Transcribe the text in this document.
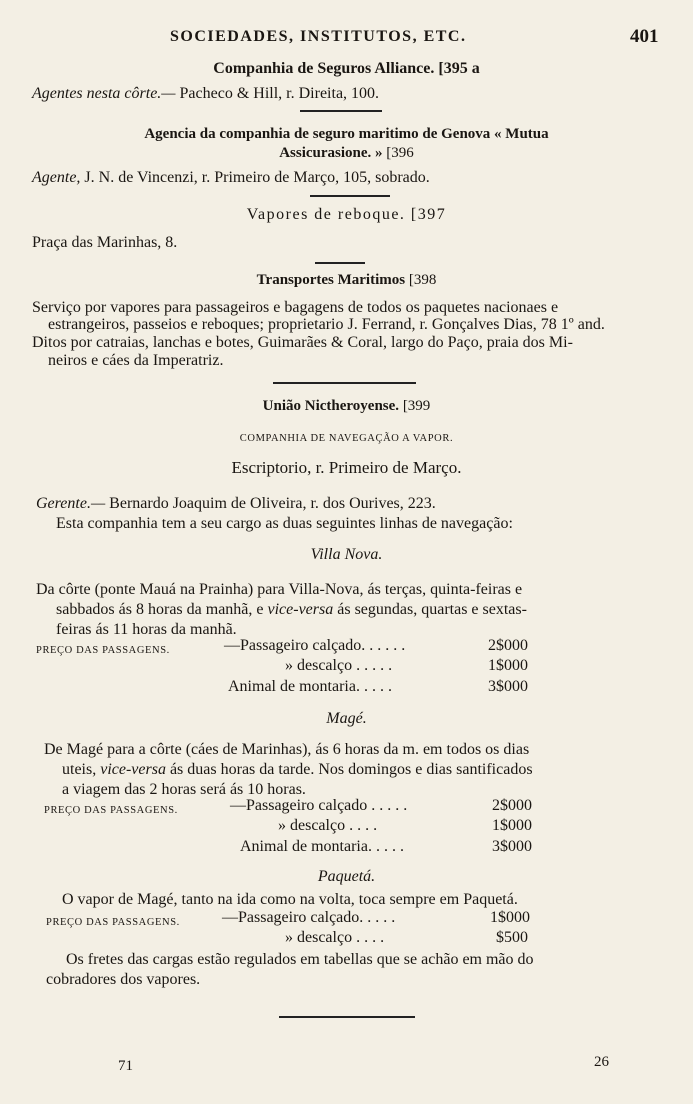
SOCIEDADES, INSTITUTOS, ETC.	401
Companhia de Seguros Alliance. [395 a

Agentes nesta côrte.— Pacheco & Hill, r. Direita, 100.

Agencia da companhia de seguro maritimo de Genova « Mutua
Assicurasione. » [396

Agente, J. N. de Vincenzi, r. Primeiro de Março, 105, sobrado.

Vapores de reboque. [397

Praça das Marinhas, 8.

Transportes Maritimos [398

Serviço por vapores para passageiros e bagagens de todos os paquetes nacionaes e

estrangeiros, passeios e reboques; proprietario J. Ferrand, r. Gonçalves Dias, 78 1º and.

Ditos por catraias, lanchas e botes, Guimarães & Coral, largo do Paço, praia dos Mi-

neiros e cáes da Imperatriz.

União Nictheroyense. [399
COMPANHIA DE NAVEGAÇÃO A VAPOR.
Escriptorio, r. Primeiro de Março.

Gerente.— Bernardo Joaquim de Oliveira, r. dos Ourives, 223.

Esta companhia tem a seu cargo as duas seguintes linhas de navegação:

Villa Nova.

Da côrte (ponte Mauá na Prainha) para Villa-Nova, ás terças, quinta-feiras e

sabbados ás 8 horas da manhã, e vice-versa ás segundas, quartas e sextas-

feiras ás 11 horas da manhã.

PREÇO DAS PASSAGENS.	—Passageiro calçado. . . . . .	2$000
» descalço . . . . .	1$000
Animal de montaria. . . . .	3$000
Magé.

De Magé para a côrte (cáes de Marinhas), ás 6 horas da m. em todos os dias

uteis, vice-versa ás duas horas da tarde. Nos domingos e dias santificados

a viagem das 2 horas será ás 10 horas.

PREÇO DAS PASSAGENS.	—Passageiro calçado . . . . .	2$000
» descalço . . . .	1$000
Animal de montaria. . . . .	3$000
Paquetá.

O vapor de Magé, tanto na ida como na volta, toca sempre em Paquetá.

PREÇO DAS PASSAGENS.	—Passageiro calçado. . . . .	1$000
» descalço . . . .	$500

Os fretes das cargas estão regulados em tabellas que se achão em mão do

cobradores dos vapores.

71	26
